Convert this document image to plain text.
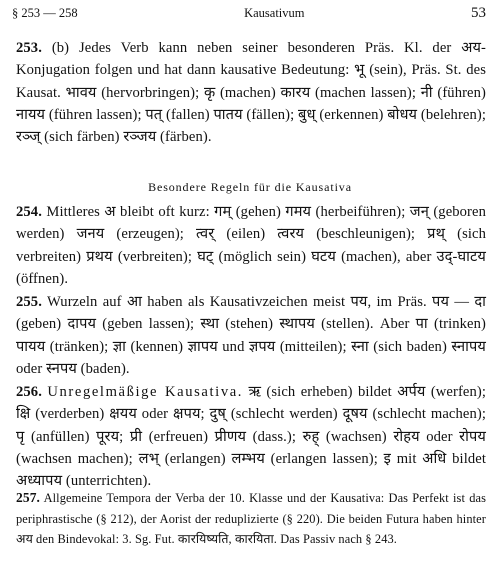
§ 253 — 258	Kausativum	53
253. (b) Jedes Verb kann neben seiner besonderen Präs. Kl. der अय-Konjugation folgen und hat dann kausative Bedeutung: भू (sein), Präs. St. des Kausat. भावय (hervorbringen); कृ (machen) कारय (machen lassen); नी (führen) नायय (führen lassen); पत् (fallen) पातय (fällen); बुध् (erkennen) बोधय (belehren); रञ्ज् (sich färben) रञ्जय (färben).
Besondere Regeln für die Kausativa
254. Mittleres अ bleibt oft kurz: गम् (gehen) गमय (herbeiführen); जन् (geboren werden) जनय (erzeugen); त्वर् (eilen) त्वरय (beschleunigen); प्रथ् (sich verbreiten) प्रथय (verbreiten); घट् (möglich sein) घटय (machen), aber उद्-घाटय (öffnen).
255. Wurzeln auf आ haben als Kausativzeichen meist पय, im Präs. पय — दा (geben) दापय (geben lassen); स्था (stehen) स्थापय (stellen). Aber पा (trinken) पायय (tränken); ज्ञा (kennen) ज्ञापय und ज्ञपय (mitteilen); स्ना (sich baden) स्नापय oder स्नपय (baden).
256. Unregelmäßige Kausativa. ऋ (sich erheben) bildet अर्पय (werfen); क्षि (verderben) क्षयय oder क्षपय; दुष् (schlecht werden) दूषय (schlecht machen); पृ (anfüllen) पूरय; प्री (erfreuen) प्रीणय (dass.); रुह् (wachsen) रोहय oder रोपय (wachsen machen); लभ् (erlangen) लम्भय (erlangen lassen); इ mit अधि bildet अध्यापय (unterrichten).
257. Allgemeine Tempora der Verba der 10. Klasse und der Kausativa: Das Perfekt ist das periphrastische (§ 212), der Aorist der reduplizierte (§ 220). Die beiden Futura haben hinter अय den Bindevokal: 3. Sg. Fut. कारयिष्यति, कारयिता. Das Passiv nach § 243.
